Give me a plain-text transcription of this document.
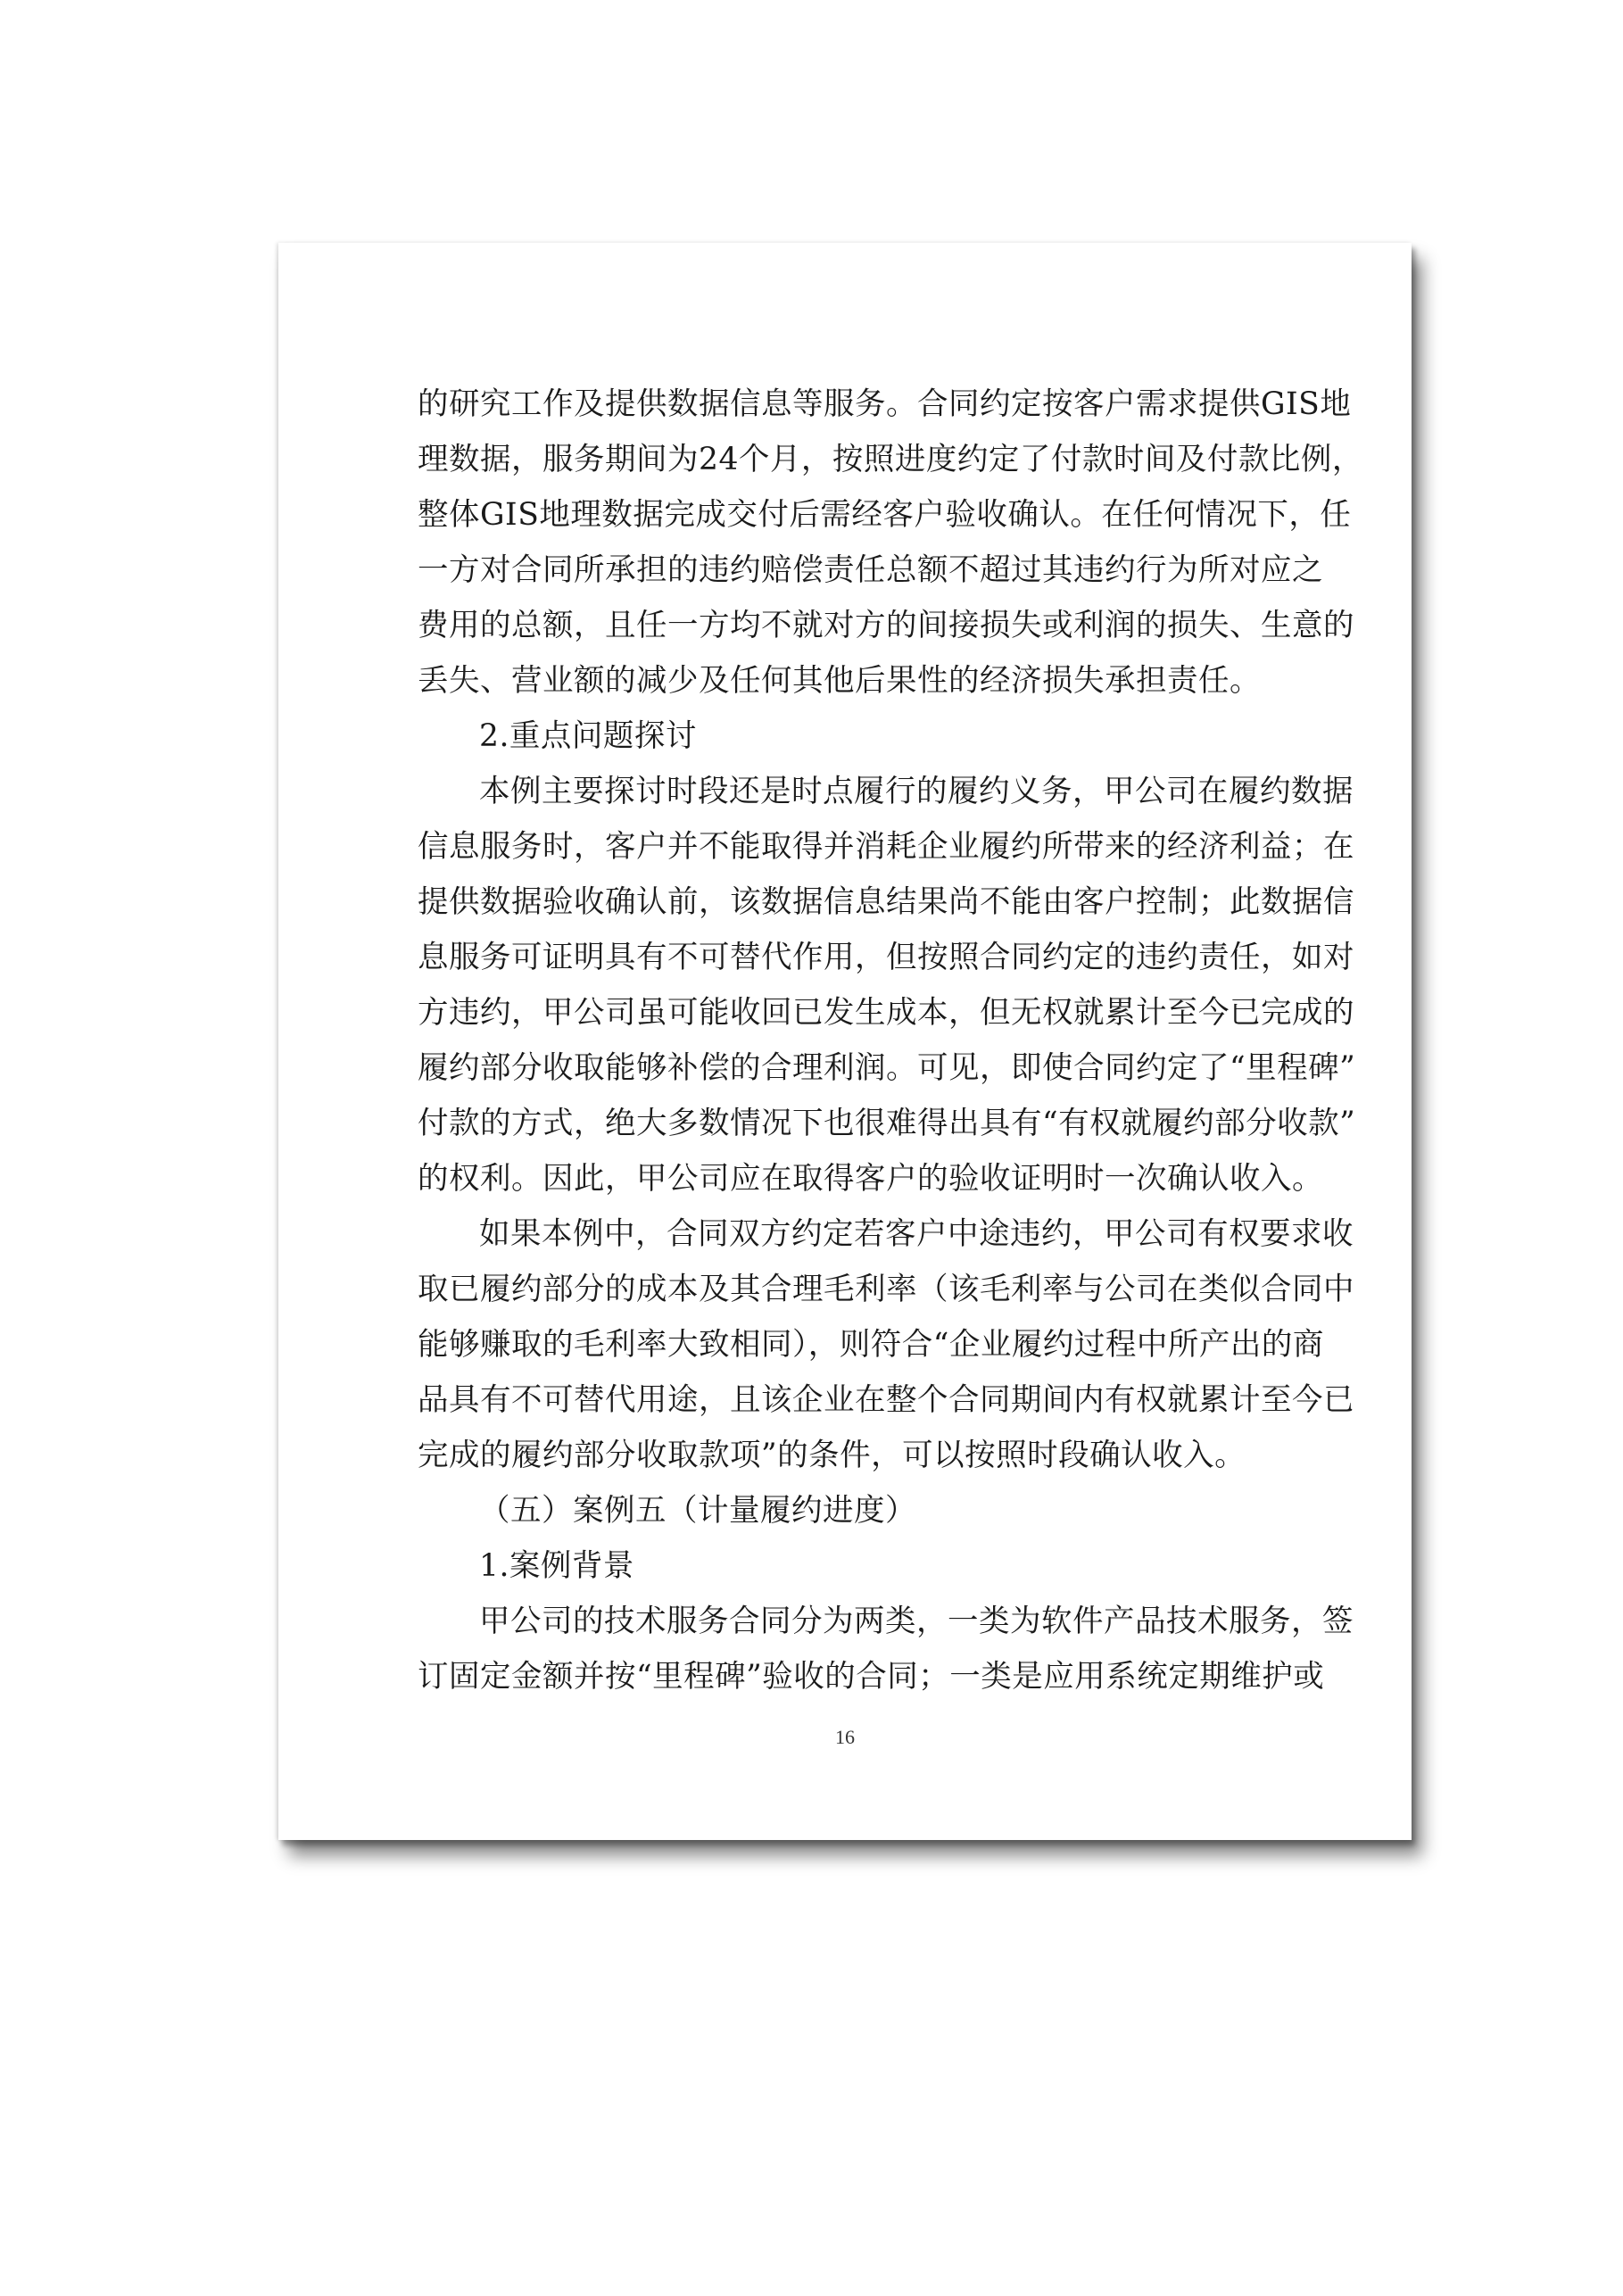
的研究工作及提供数据信息等服务。合同约定按客户需求提供GIS地
理数据，服务期间为24个月，按照进度约定了付款时间及付款比例，
整体GIS地理数据完成交付后需经客户验收确认。在任何情况下，任
一方对合同所承担的违约赔偿责任总额不超过其违约行为所对应之
费用的总额，且任一方均不就对方的间接损失或利润的损失、生意的
丢失、营业额的减少及任何其他后果性的经济损失承担责任。
2.重点问题探讨
本例主要探讨时段还是时点履行的履约义务，甲公司在履约数据
信息服务时，客户并不能取得并消耗企业履约所带来的经济利益；在
提供数据验收确认前，该数据信息结果尚不能由客户控制；此数据信
息服务可证明具有不可替代作用，但按照合同约定的违约责任，如对
方违约，甲公司虽可能收回已发生成本，但无权就累计至今已完成的
履约部分收取能够补偿的合理利润。可见，即使合同约定了“里程碑”
付款的方式，绝大多数情况下也很难得出具有“有权就履约部分收款”
的权利。因此，甲公司应在取得客户的验收证明时一次确认收入。
如果本例中，合同双方约定若客户中途违约，甲公司有权要求收
取已履约部分的成本及其合理毛利率（该毛利率与公司在类似合同中
能够赚取的毛利率大致相同），则符合“企业履约过程中所产出的商
品具有不可替代用途，且该企业在整个合同期间内有权就累计至今已
完成的履约部分收取款项”的条件，可以按照时段确认收入。
（五）案例五（计量履约进度）
1.案例背景
甲公司的技术服务合同分为两类，一类为软件产品技术服务，签
订固定金额并按“里程碑”验收的合同；一类是应用系统定期维护或
16
